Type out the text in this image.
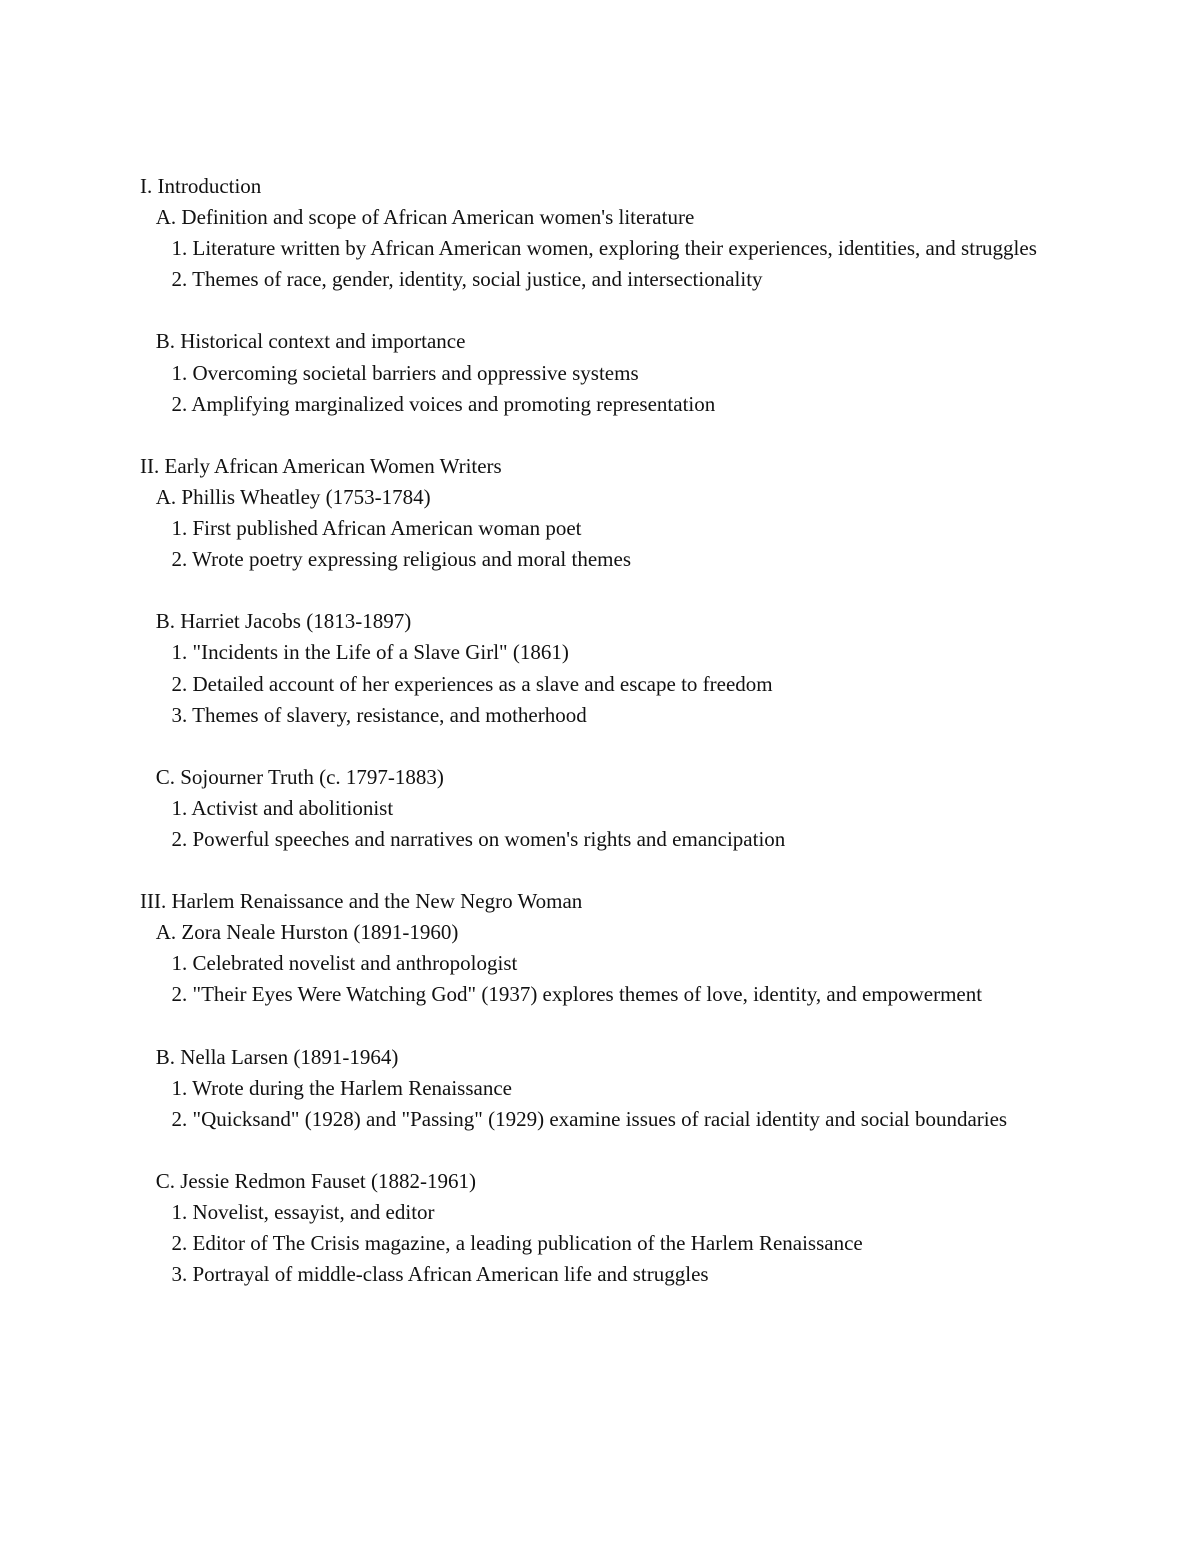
I. Introduction

A. Definition and scope of African American women's literature

1. Literature written by African American women, exploring their experiences, identities, and struggles

2. Themes of race, gender, identity, social justice, and intersectionality

B. Historical context and importance

1. Overcoming societal barriers and oppressive systems

2. Amplifying marginalized voices and promoting representation

II. Early African American Women Writers

A. Phillis Wheatley (1753-1784)

1. First published African American woman poet

2. Wrote poetry expressing religious and moral themes

B. Harriet Jacobs (1813-1897)

1. "Incidents in the Life of a Slave Girl" (1861)

2. Detailed account of her experiences as a slave and escape to freedom

3. Themes of slavery, resistance, and motherhood

C. Sojourner Truth (c. 1797-1883)

1. Activist and abolitionist

2. Powerful speeches and narratives on women's rights and emancipation

III. Harlem Renaissance and the New Negro Woman

A. Zora Neale Hurston (1891-1960)

1. Celebrated novelist and anthropologist

2. "Their Eyes Were Watching God" (1937) explores themes of love, identity, and empowerment

B. Nella Larsen (1891-1964)

1. Wrote during the Harlem Renaissance

2. "Quicksand" (1928) and "Passing" (1929) examine issues of racial identity and social boundaries

C. Jessie Redmon Fauset (1882-1961)

1. Novelist, essayist, and editor

2. Editor of The Crisis magazine, a leading publication of the Harlem Renaissance

3. Portrayal of middle-class African American life and struggles
